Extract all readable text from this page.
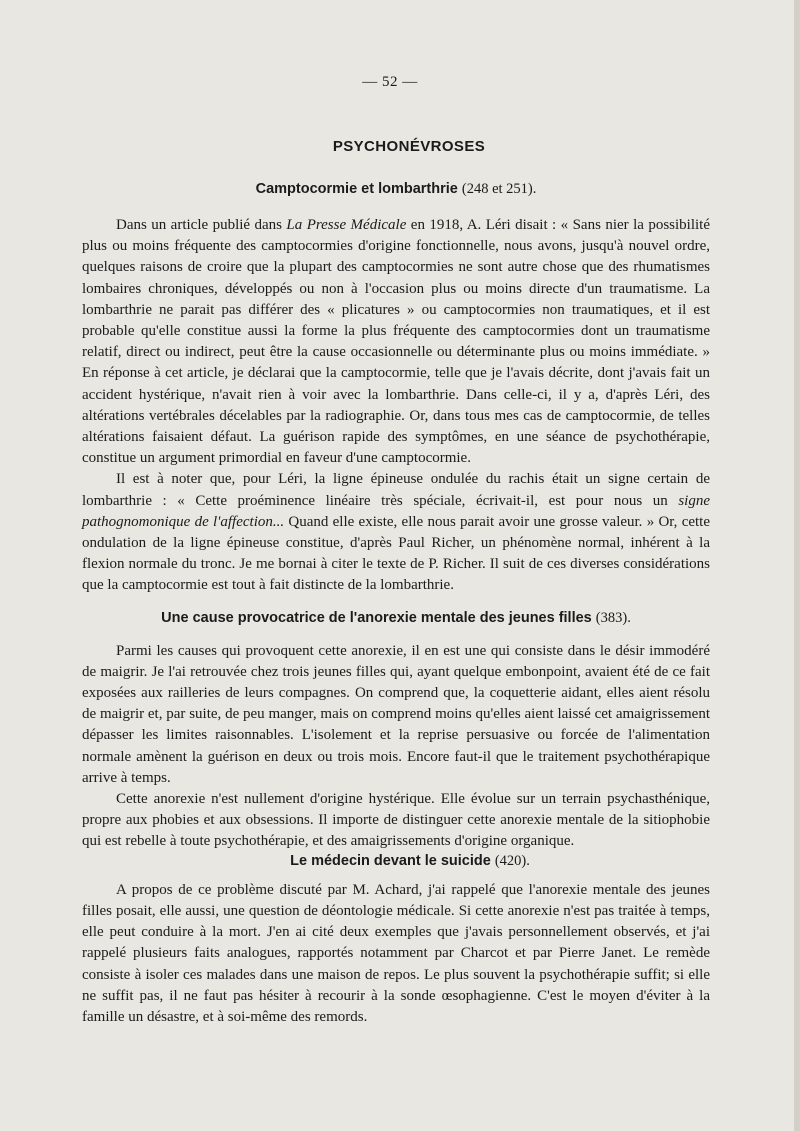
— 52 —
PSYCHONÉVROSES
Camptocormie et lombarthrie (248 et 251).

Dans un article publié dans La Presse Médicale en 1918, A. Léri disait : « Sans nier la possibilité plus ou moins fréquente des camptocormies d'origine fonctionnelle, nous avons, jusqu'à nouvel ordre, quelques raisons de croire que la plupart des camptocormies ne sont autre chose que des rhumatismes lombaires chroniques, développés ou non à l'occasion plus ou moins directe d'un traumatisme. La lombarthrie ne parait pas différer des « plicatures » ou camptocormies non traumatiques, et il est probable qu'elle constitue aussi la forme la plus fréquente des camptocormies dont un traumatisme relatif, direct ou indirect, peut être la cause occasionnelle ou déterminante plus ou moins immédiate. » En réponse à cet article, je déclarai que la camptocormie, telle que je l'avais décrite, dont j'avais fait un accident hystérique, n'avait rien à voir avec la lombarthrie. Dans celle-ci, il y a, d'après Léri, des altérations vertébrales décelables par la radiographie. Or, dans tous mes cas de camptocormie, de telles altérations faisaient défaut. La guérison rapide des symptômes, en une séance de psychothérapie, constitue un argument primordial en faveur d'une camptocormie.

Il est à noter que, pour Léri, la ligne épineuse ondulée du rachis était un signe certain de lombarthrie : « Cette proéminence linéaire très spéciale, écrivait-il, est pour nous un signe pathognomonique de l'affection... Quand elle existe, elle nous parait avoir une grosse valeur. » Or, cette ondulation de la ligne épineuse constitue, d'après Paul Richer, un phénomène normal, inhérent à la flexion normale du tronc. Je me bornai à citer le texte de P. Richer. Il suit de ces diverses considérations que la camptocormie est tout à fait distincte de la lombarthrie.

Une cause provocatrice de l'anorexie mentale des jeunes filles (383).

Parmi les causes qui provoquent cette anorexie, il en est une qui consiste dans le désir immodéré de maigrir. Je l'ai retrouvée chez trois jeunes filles qui, ayant quelque embonpoint, avaient été de ce fait exposées aux railleries de leurs compagnes. On comprend que, la coquetterie aidant, elles aient résolu de maigrir et, par suite, de peu manger, mais on comprend moins qu'elles aient laissé cet amaigrissement dépasser les limites raisonnables. L'isolement et la reprise persuasive ou forcée de l'alimentation normale amènent la guérison en deux ou trois mois. Encore faut-il que le traitement psychothérapique arrive à temps.

Cette anorexie n'est nullement d'origine hystérique. Elle évolue sur un terrain psychasthénique, propre aux phobies et aux obsessions. Il importe de distinguer cette anorexie mentale de la sitiophobie qui est rebelle à toute psychothérapie, et des amaigrissements d'origine organique.

Le médecin devant le suicide (420).

A propos de ce problème discuté par M. Achard, j'ai rappelé que l'anorexie mentale des jeunes filles posait, elle aussi, une question de déontologie médicale. Si cette anorexie n'est pas traitée à temps, elle peut conduire à la mort. J'en ai cité deux exemples que j'avais personnellement observés, et j'ai rappelé plusieurs faits analogues, rapportés notamment par Charcot et par Pierre Janet. Le remède consiste à isoler ces malades dans une maison de repos. Le plus souvent la psychothérapie suffit; si elle ne suffit pas, il ne faut pas hésiter à recourir à la sonde œsophagienne. C'est le moyen d'éviter à la famille un désastre, et à soi-même des remords.
